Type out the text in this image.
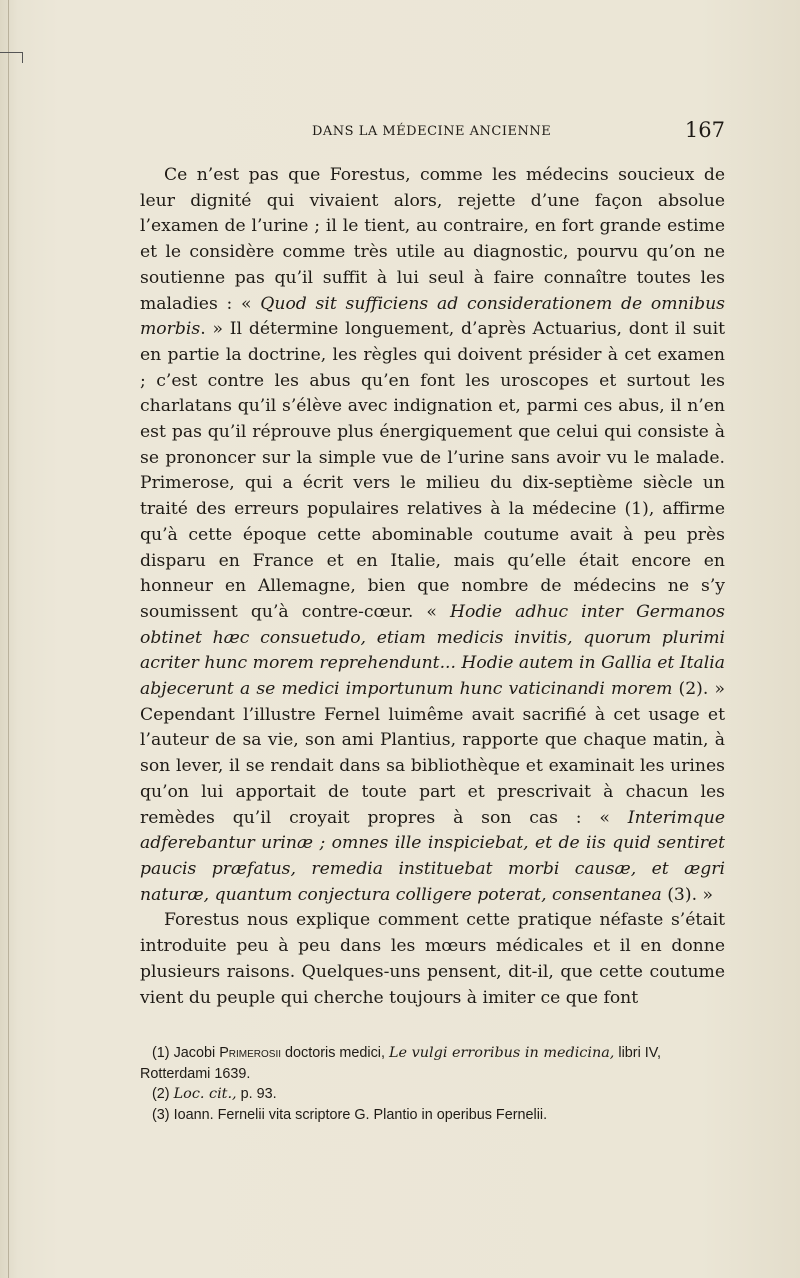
DANS LA MÉDECINE ANCIENNE	167

Ce n’est pas que Forestus, comme les médecins soucieux de leur dignité qui vivaient alors, rejette d’une façon absolue l’examen de l’urine ; il le tient, au contraire, en fort grande estime et le considère comme très utile au diagnostic, pourvu qu’on ne soutienne pas qu’il suffit à lui seul à faire connaître toutes les maladies : « Quod sit sufficiens ad considerationem de omnibus morbis. » Il détermine longuement, d’après Actuarius, dont il suit en partie la doctrine, les règles qui doivent présider à cet examen ; c’est contre les abus qu’en font les uroscopes et surtout les charlatans qu’il s’élève avec indignation et, parmi ces abus, il n’en est pas qu’il réprouve plus énergiquement que celui qui consiste à se prononcer sur la simple vue de l’urine sans avoir vu le malade. Primerose, qui a écrit vers le milieu du dix-septième siècle un traité des erreurs populaires relatives à la médecine (1), affirme qu’à cette époque cette abominable coutume avait à peu près disparu en France et en Italie, mais qu’elle était encore en honneur en Allemagne, bien que nombre de médecins ne s’y soumissent qu’à contre-cœur. « Hodie adhuc inter Germanos obtinet hæc consuetudo, etiam medicis invitis, quorum plurimi acriter hunc morem reprehendunt... Hodie autem in Gallia et Italia abjecerunt a se medici importunum hunc vaticinandi morem (2). » Cependant l’illustre Fernel luimême avait sacrifié à cet usage et l’auteur de sa vie, son ami Plantius, rapporte que chaque matin, à son lever, il se rendait dans sa bibliothèque et examinait les urines qu’on lui apportait de toute part et prescrivait à chacun les remèdes qu’il croyait propres à son cas : « Interimque adferebantur urinæ ; omnes ille inspiciebat, et de iis quid sentiret paucis præfatus, remedia instituebat morbi causæ, et ægri naturæ, quantum conjectura colligere poterat, consentanea (3). »

Forestus nous explique comment cette pratique néfaste s’était introduite peu à peu dans les mœurs médicales et il en donne plusieurs raisons. Quelques-uns pensent, dit-il, que cette coutume vient du peuple qui cherche toujours à imiter ce que font

(1) Jacobi Primerosii doctoris medici, Le vulgi erroribus in medicina, libri IV, Rotterdami 1639.

(2) Loc. cit., p. 93.

(3) Ioann. Fernelii vita scriptore G. Plantio in operibus Fernelii.
